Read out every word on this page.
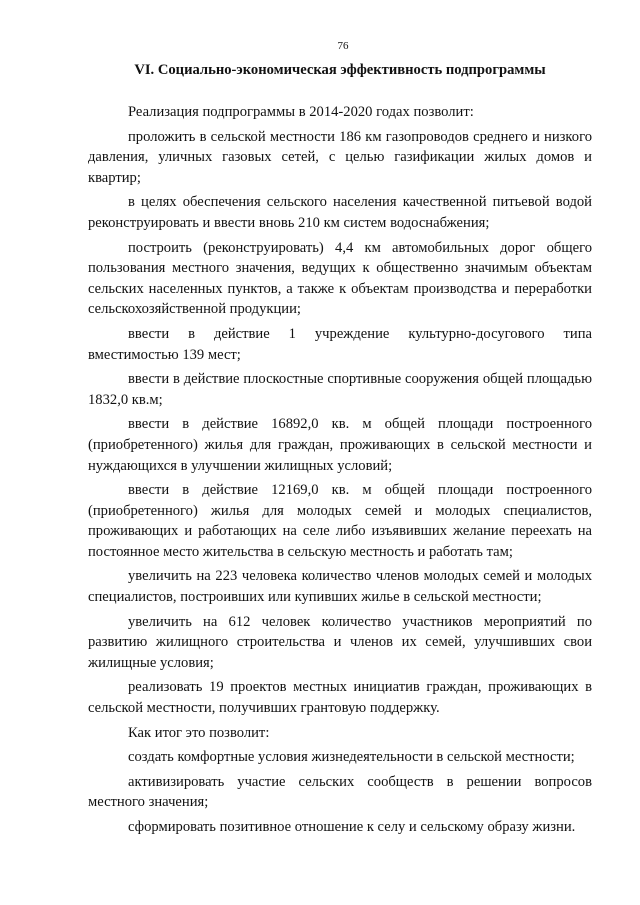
76
VI. Социально-экономическая эффективность подпрограммы

Реализация подпрограммы в 2014-2020 годах позволит:

проложить в сельской местности 186 км газопроводов среднего и низкого давления, уличных газовых сетей, с целью газификации жилых домов и квартир;

в целях обеспечения сельского населения качественной питьевой водой реконструировать и ввести вновь 210 км систем водоснабжения;

построить (реконструировать) 4,4 км автомобильных дорог общего пользования местного значения, ведущих к общественно значимым объектам сельских населенных пунктов, а также к объектам производства и переработки сельскохозяйственной продукции;

ввести в действие 1 учреждение культурно-досугового типа вместимостью 139 мест;

ввести в действие плоскостные спортивные сооружения общей площадью 1832,0 кв.м;

ввести в действие 16892,0 кв. м общей площади построенного (приобретенного) жилья для граждан, проживающих в сельской местности и нуждающихся в улучшении жилищных условий;

ввести в действие 12169,0 кв. м общей площади построенного (приобретенного) жилья для молодых семей и молодых специалистов, проживающих и работающих на селе либо изъявивших желание переехать на постоянное место жительства в сельскую местность и работать там;

увеличить на 223 человека количество членов молодых семей и молодых специалистов, построивших или купивших жилье в сельской местности;

увеличить на 612 человек количество участников мероприятий по развитию жилищного строительства и членов их семей, улучшивших свои жилищные условия;

реализовать 19 проектов местных инициатив граждан, проживающих в сельской местности, получивших грантовую поддержку.

Как итог это позволит:

создать комфортные условия жизнедеятельности в сельской местности;

активизировать участие сельских сообществ в решении вопросов местного значения;

сформировать позитивное отношение к селу и сельскому образу жизни.
